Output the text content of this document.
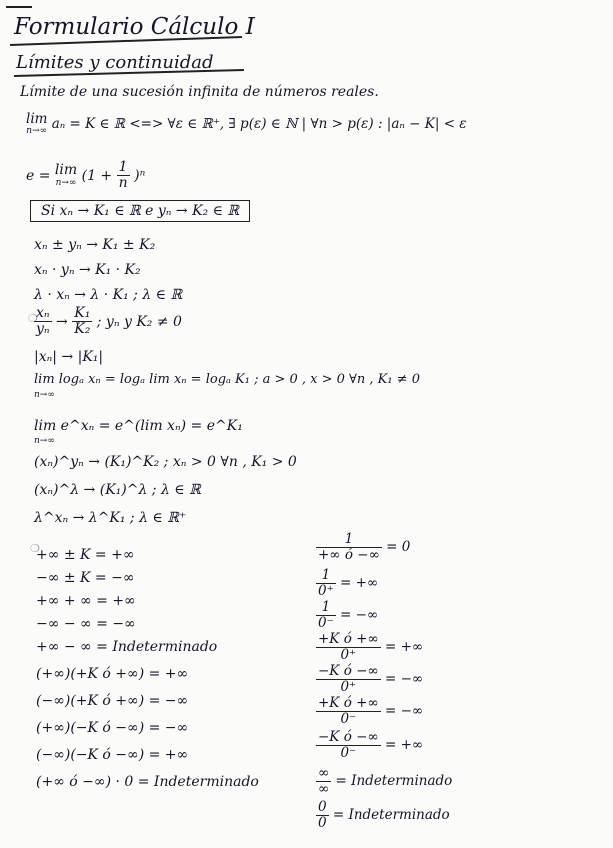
Formulario Cálculo I
Límites y continuidad
Límite de una sucesión infinita de números reales.
lim
n→∞ aₙ = K ∈ ℝ <=> ∀ε ∈ ℝ⁺, ∃ p(ε) ∈ ℕ | ∀n > p(ε) : |aₙ − K| < ε
e = lim
n→∞ $(1 + \frac{1}{n} )^n$
Si xₙ → K₁ ∈ ℝ e yₙ → K₂ ∈ ℝ
xₙ ± yₙ → K₁ ± K₂
xₙ · yₙ → K₁ · K₂
λ · xₙ → λ · K₁ ; λ ∈ ℝ
❍
$\frac{\text{xₙ}}{\text{yₙ}} \to \frac{\text{K₁}}{\text{K₂}}$ ; yₙ y K₂ ≠ 0
|xₙ| → |K₁|
lim logₐ xₙ = logₐ lim xₙ = logₐ K₁ ; a > 0 , x > 0 ∀n , K₁ ≠ 0
n→∞
lim e^xₙ = e^(lim xₙ) = e^K₁
n→∞
(xₙ)^yₙ → (K₁)^K₂ ; xₙ > 0 ∀n , K₁ > 0
(xₙ)^λ → (K₁)^λ ; λ ∈ ℝ
λ^xₙ → λ^K₁ ; λ ∈ ℝ⁺
❍
+∞ ± K = +∞
−∞ ± K = −∞
+∞ + ∞ = +∞
−∞ − ∞ = −∞
+∞ − ∞ = Indeterminado
(+∞)(+K ó +∞) = +∞
(−∞)(+K ó +∞) = −∞
(+∞)(−K ó −∞) = −∞
(−∞)(−K ó −∞) = +∞
(+∞ ó −∞) · 0 = Indeterminado
$\frac{1}{+\infty ó -\infty} = 0$
$\frac{1}{0^+}$ = +∞
$\frac{1}{0^-}$ = −∞
$\frac{\text{+K ó +∞}}{0^+}$ = +∞
$\frac{\text{−K ó −∞}}{0^+}$ = −∞
$\frac{\text{+K ó +∞}}{0^-}$ = −∞
$\frac{\text{−K ó −∞}}{0^-}$ = +∞
$\frac{\infty}{\infty}$ = Indeterminado
$\frac{0}{0}$ = Indeterminado
